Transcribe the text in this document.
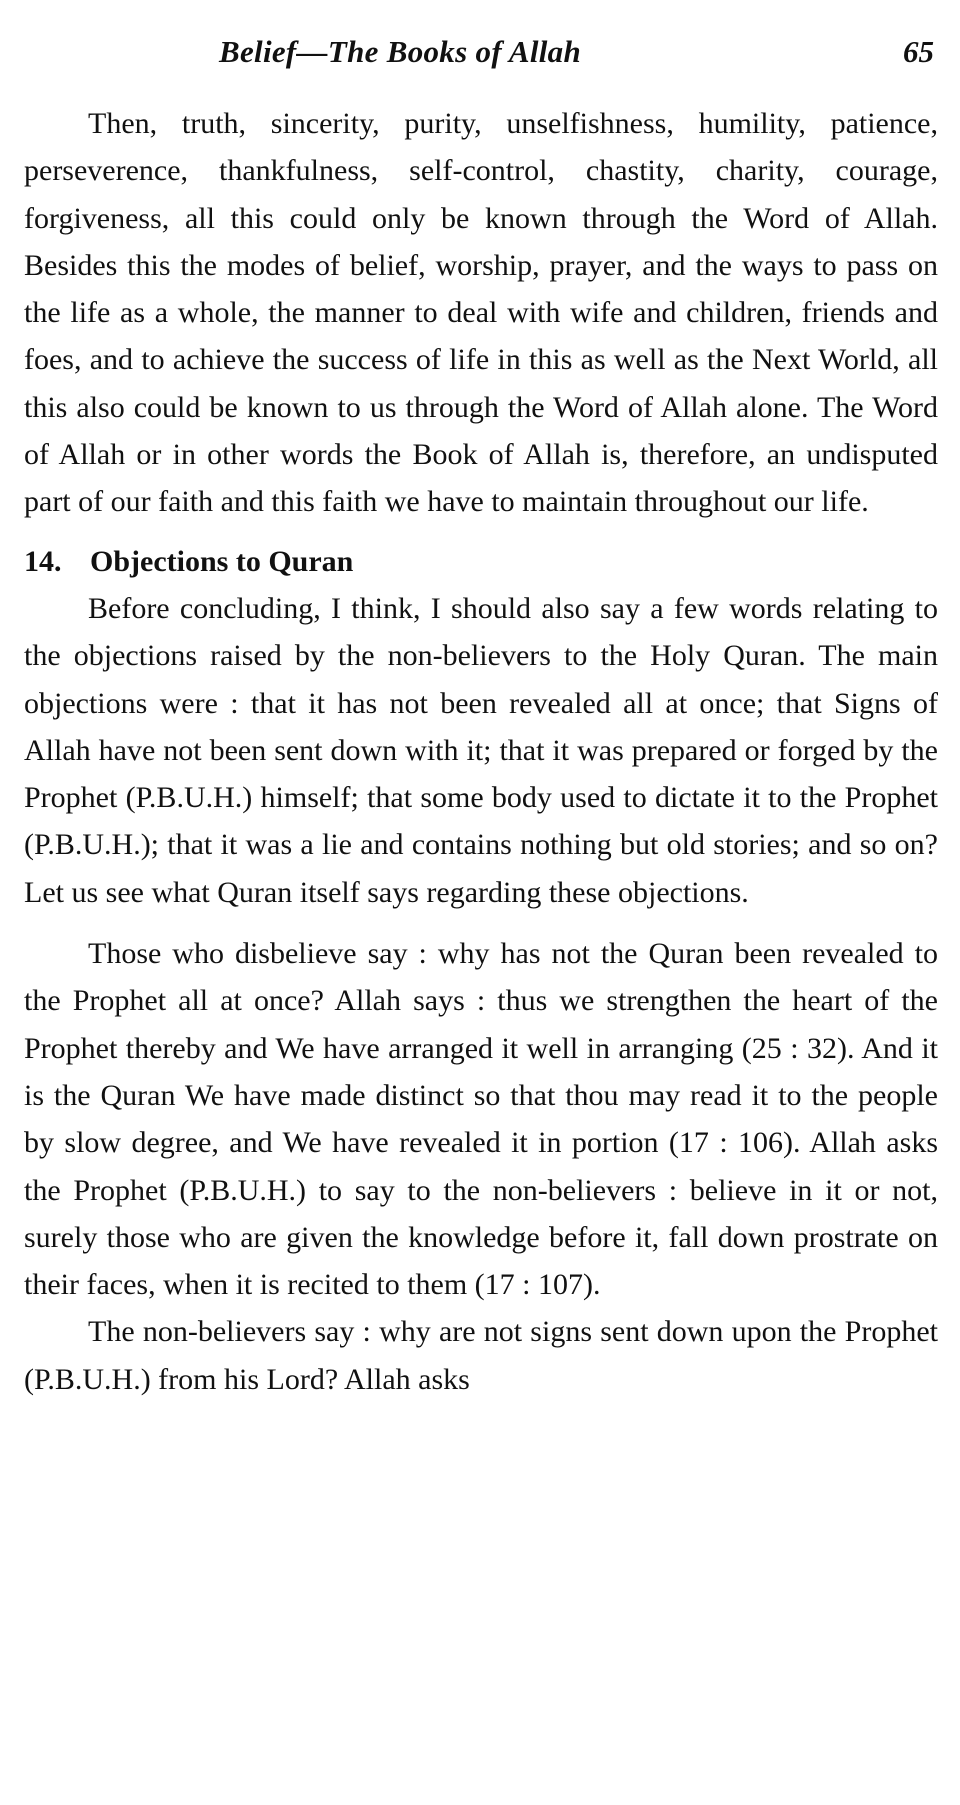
Belief—The Books of Allah	65

Then, truth, sincerity, purity, unselfishness, humility, patience, perseverence, thankfulness, self-control, chastity, charity, courage, forgiveness, all this could only be known through the Word of Allah. Besides this the modes of belief, worship, prayer, and the ways to pass on the life as a whole, the manner to deal with wife and children, friends and foes, and to achieve the success of life in this as well as the Next World, all this also could be known to us through the Word of Allah alone. The Word of Allah or in other words the Book of Allah is, therefore, an undisputed part of our faith and this faith we have to maintain throughout our life.

14. Objections to Quran

Before concluding, I think, I should also say a few words relating to the objections raised by the non-believers to the Holy Quran. The main objections were : that it has not been revealed all at once; that Signs of Allah have not been sent down with it; that it was prepared or forged by the Prophet (P.B.U.H.) himself; that some body used to dictate it to the Prophet (P.B.U.H.); that it was a lie and contains nothing but old stories; and so on? Let us see what Quran itself says regarding these objections.

Those who disbelieve say : why has not the Quran been revealed to the Prophet all at once? Allah says : thus we strengthen the heart of the Prophet thereby and We have arranged it well in arranging (25 : 32). And it is the Quran We have made distinct so that thou may read it to the people by slow degree, and We have revealed it in portion (17 : 106). Allah asks the Prophet (P.B.U.H.) to say to the non-believers : believe in it or not, surely those who are given the knowledge before it, fall down prostrate on their faces, when it is recited to them (17 : 107).

The non-believers say : why are not signs sent down upon the Prophet (P.B.U.H.) from his Lord? Allah asks
